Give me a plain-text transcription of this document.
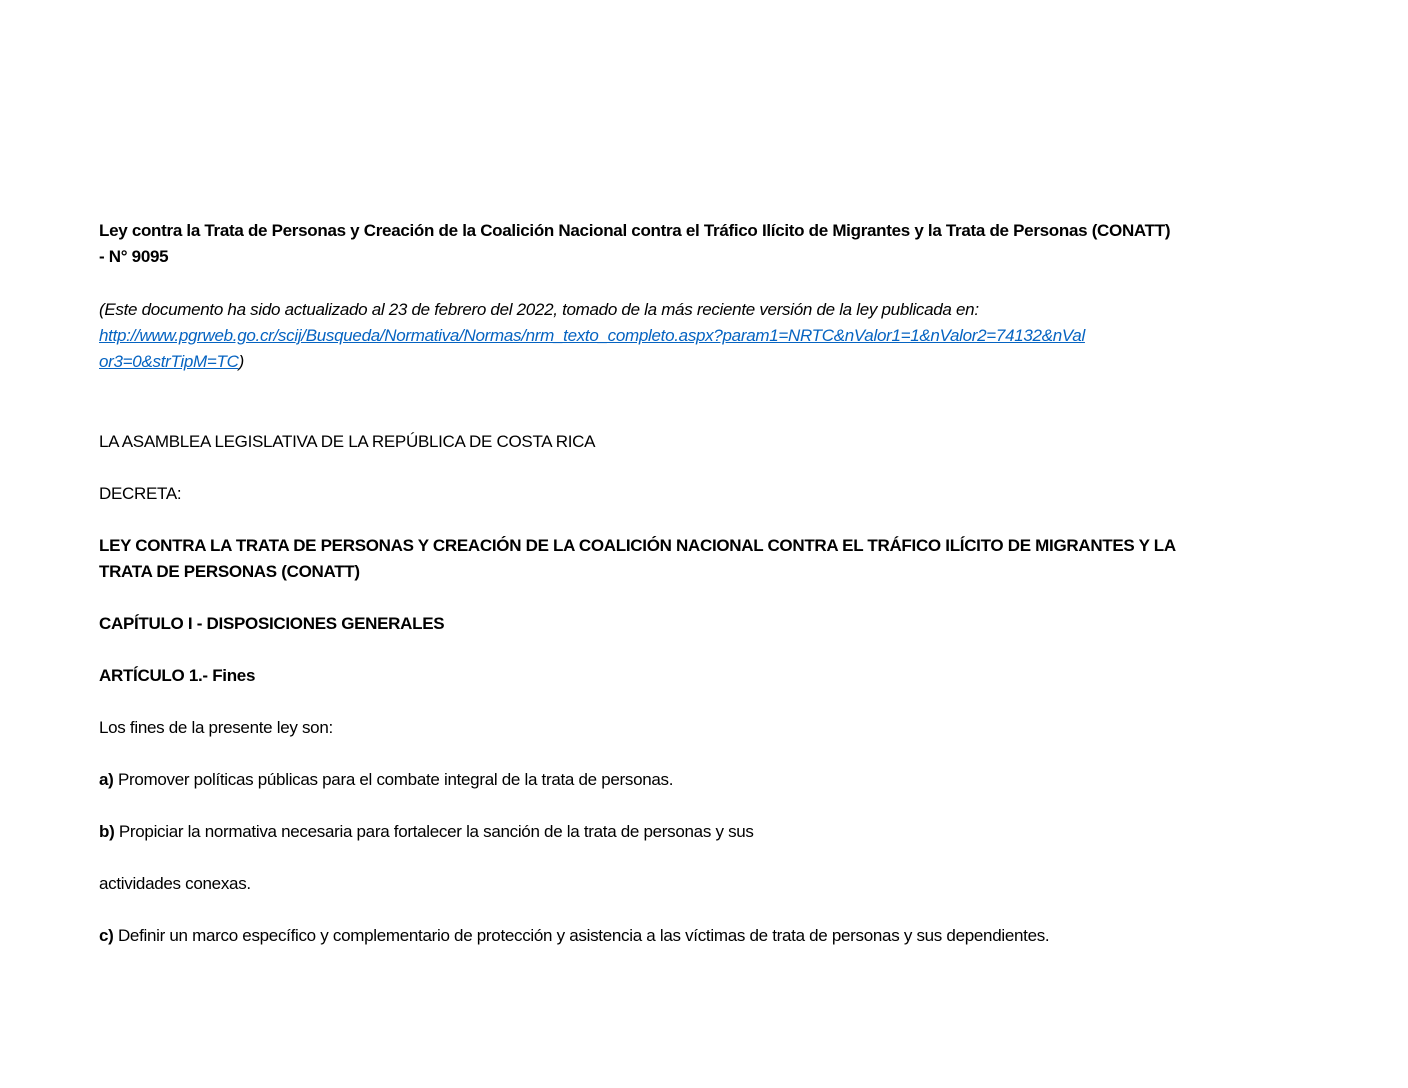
Ley contra la Trata de Personas y Creación de la Coalición Nacional contra el Tráfico Ilícito de Migrantes y la Trata de Personas (CONATT)
- N° 9095
(Este documento ha sido actualizado al 23 de febrero del 2022, tomado de la más reciente versión de la ley publicada en:
http://www.pgrweb.go.cr/scij/Busqueda/Normativa/Normas/nrm_texto_completo.aspx?param1=NRTC&nValor1=1&nValor2=74132&nVal
or3=0&strTipM=TC)
LA ASAMBLEA LEGISLATIVA DE LA REPÚBLICA DE COSTA RICA
DECRETA:
LEY CONTRA LA TRATA DE PERSONAS Y CREACIÓN DE LA COALICIÓN NACIONAL CONTRA EL TRÁFICO ILÍCITO DE MIGRANTES Y LA
TRATA DE PERSONAS (CONATT)
CAPÍTULO I - DISPOSICIONES GENERALES
ARTÍCULO 1.- Fines
Los fines de la presente ley son:
a) Promover políticas públicas para el combate integral de la trata de personas.
b) Propiciar la normativa necesaria para fortalecer la sanción de la trata de personas y sus
actividades conexas.
c) Definir un marco específico y complementario de protección y asistencia a las víctimas de trata de personas y sus dependientes.
